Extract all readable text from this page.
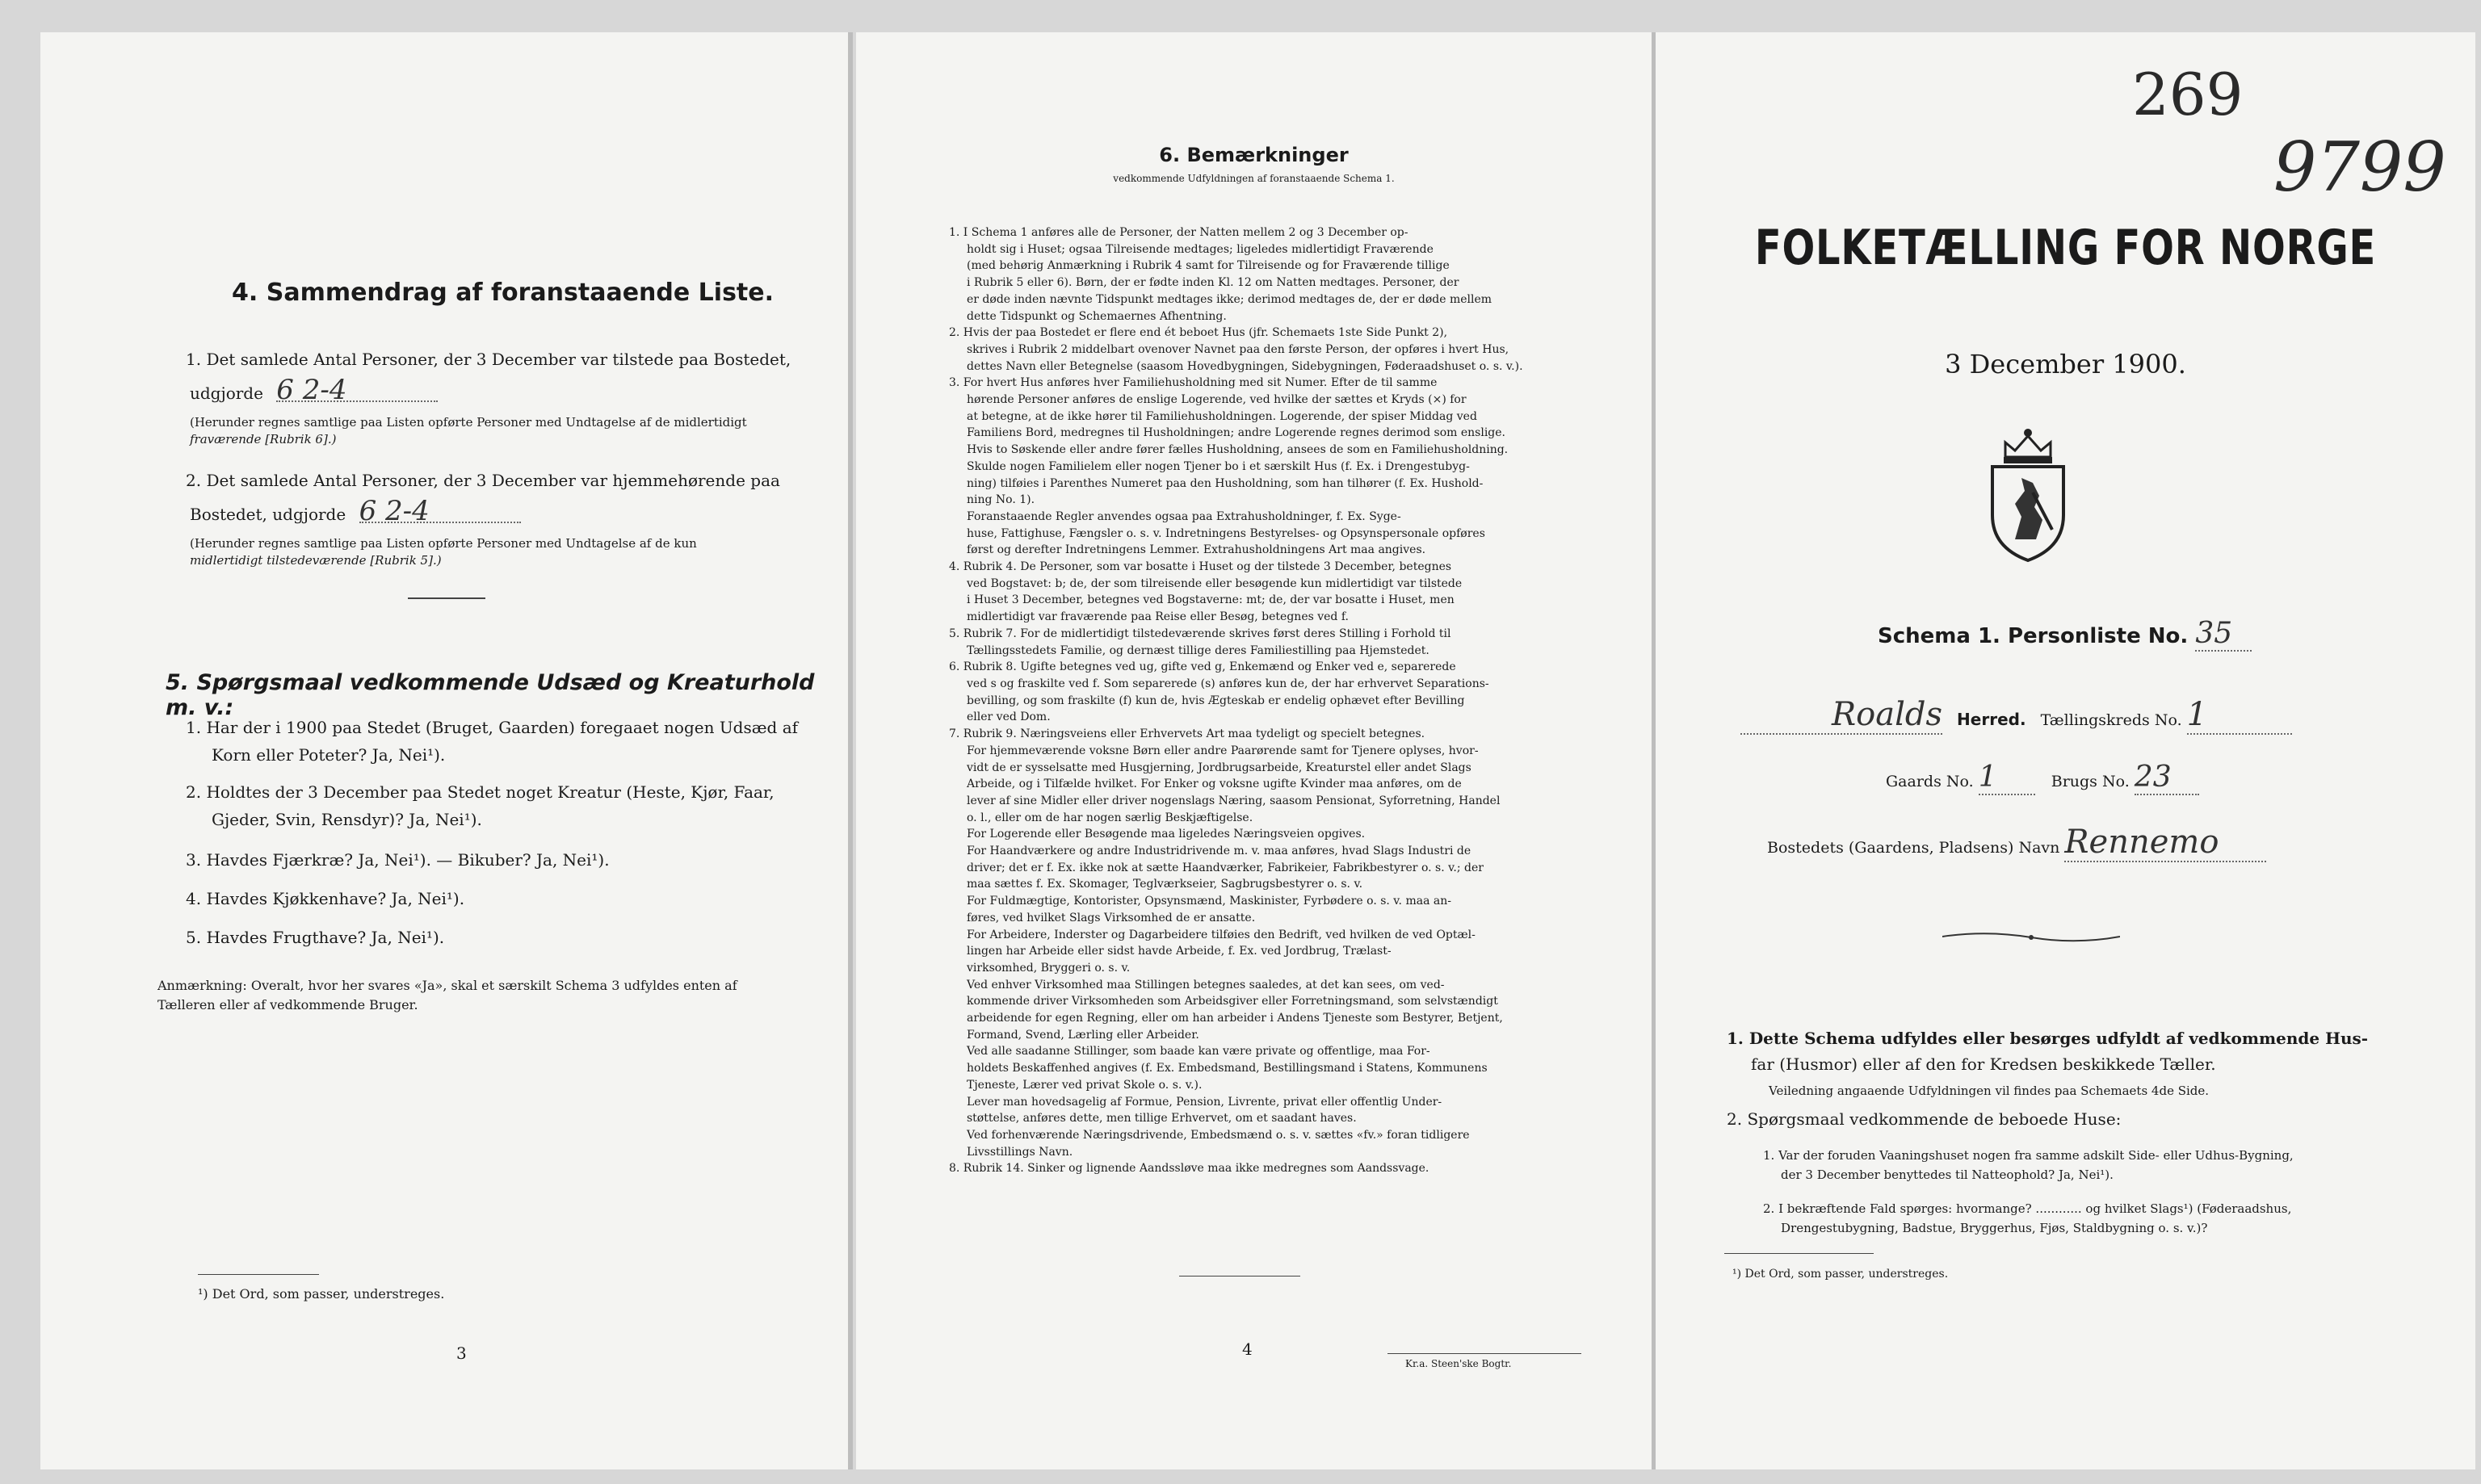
4. Sammendrag af foranstaaende Liste.
1. Det samlede Antal Personer, der 3 December var tilstede paa Bostedet,
udgjorde 6 2-4
(Herunder regnes samtlige paa Listen opførte Personer med Undtagelse af de midlertidigt
fraværende [Rubrik 6].)
2. Det samlede Antal Personer, der 3 December var hjemmehørende paa
Bostedet, udgjorde 6 2-4
(Herunder regnes samtlige paa Listen opførte Personer med Undtagelse af de kun
midlertidigt tilstedeværende [Rubrik 5].)
5. Spørgsmaal vedkommende Udsæd og Kreaturhold m. v.:
1. Har der i 1900 paa Stedet (Bruget, Gaarden) foregaaet nogen Udsæd af
Korn eller Poteter? Ja, Nei¹).
2. Holdtes der 3 December paa Stedet noget Kreatur (Heste, Kjør, Faar,
Gjeder, Svin, Rensdyr)? Ja, Nei¹).
3. Havdes Fjærkræ? Ja, Nei¹). — Bikuber? Ja, Nei¹).
4. Havdes Kjøkkenhave? Ja, Nei¹).
5. Havdes Frugthave? Ja, Nei¹).
Anmærkning: Overalt, hvor her svares «Ja», skal et særskilt Schema 3 udfyldes enten af
Tælleren eller af vedkommende Bruger.
¹) Det Ord, som passer, understreges.
3
6. Bemærkninger
vedkommende Udfyldningen af foranstaaende Schema 1.
1. I Schema 1 anføres alle de Personer, der Natten mellem 2 og 3 December op-
holdt sig i Huset; ogsaa Tilreisende medtages; ligeledes midlertidigt Fraværende
(med behørig Anmærkning i Rubrik 4 samt for Tilreisende og for Fraværende tillige
i Rubrik 5 eller 6). Børn, der er fødte inden Kl. 12 om Natten medtages. Personer, der
er døde inden nævnte Tidspunkt medtages ikke; derimod medtages de, der er døde mellem
dette Tidspunkt og Schemaernes Afhentning.
2. Hvis der paa Bostedet er flere end ét beboet Hus (jfr. Schemaets 1ste Side Punkt 2),
skrives i Rubrik 2 middelbart ovenover Navnet paa den første Person, der opføres i hvert Hus,
dettes Navn eller Betegnelse (saasom Hovedbygningen, Sidebygningen, Føderaadshuset o. s. v.).
3. For hvert Hus anføres hver Familiehusholdning med sit Numer. Efter de til samme
hørende Personer anføres de enslige Logerende, ved hvilke der sættes et Kryds (×) for
at betegne, at de ikke hører til Familiehusholdningen. Logerende, der spiser Middag ved
Familiens Bord, medregnes til Husholdningen; andre Logerende regnes derimod som enslige.
Hvis to Søskende eller andre fører fælles Husholdning, ansees de som en Familiehusholdning.
Skulde nogen Familielem eller nogen Tjener bo i et særskilt Hus (f. Ex. i Drengestubyg-
ning) tilføies i Parenthes Numeret paa den Husholdning, som han tilhører (f. Ex. Hushold-
ning No. 1).
Foranstaaende Regler anvendes ogsaa paa Extrahusholdninger, f. Ex. Syge-
huse, Fattighuse, Fængsler o. s. v. Indretningens Bestyrelses- og Opsynspersonale opføres
først og derefter Indretningens Lemmer. Extrahusholdningens Art maa angives.
4. Rubrik 4. De Personer, som var bosatte i Huset og der tilstede 3 December, betegnes
ved Bogstavet: b; de, der som tilreisende eller besøgende kun midlertidigt var tilstede
i Huset 3 December, betegnes ved Bogstaverne: mt; de, der var bosatte i Huset, men
midlertidigt var fraværende paa Reise eller Besøg, betegnes ved f.
5. Rubrik 7. For de midlertidigt tilstedeværende skrives først deres Stilling i Forhold til
Tællingsstedets Familie, og dernæst tillige deres Familiestilling paa Hjemstedet.
6. Rubrik 8. Ugifte betegnes ved ug, gifte ved g, Enkemænd og Enker ved e, separerede
ved s og fraskilte ved f. Som separerede (s) anføres kun de, der har erhvervet Separations-
bevilling, og som fraskilte (f) kun de, hvis Ægteskab er endelig ophævet efter Bevilling
eller ved Dom.
7. Rubrik 9. Næringsveiens eller Erhvervets Art maa tydeligt og specielt betegnes.
For hjemmeværende voksne Børn eller andre Paarørende samt for Tjenere oplyses, hvor-
vidt de er sysselsatte med Husgjerning, Jordbrugsarbeide, Kreaturstel eller andet Slags
Arbeide, og i Tilfælde hvilket. For Enker og voksne ugifte Kvinder maa anføres, om de
lever af sine Midler eller driver nogenslags Næring, saasom Pensionat, Syforretning, Handel
o. l., eller om de har nogen særlig Beskjæftigelse.
For Logerende eller Besøgende maa ligeledes Næringsveien opgives.
For Haandværkere og andre Industridrivende m. v. maa anføres, hvad Slags Industri de
driver; det er f. Ex. ikke nok at sætte Haandværker, Fabrikeier, Fabrikbestyrer o. s. v.; der
maa sættes f. Ex. Skomager, Teglværkseier, Sagbrugsbestyrer o. s. v.
For Fuldmægtige, Kontorister, Opsynsmænd, Maskinister, Fyrbødere o. s. v. maa an-
føres, ved hvilket Slags Virksomhed de er ansatte.
For Arbeidere, Inderster og Dagarbeidere tilføies den Bedrift, ved hvilken de ved Optæl-
lingen har Arbeide eller sidst havde Arbeide, f. Ex. ved Jordbrug, Trælast-
virksomhed, Bryggeri o. s. v.
Ved enhver Virksomhed maa Stillingen betegnes saaledes, at det kan sees, om ved-
kommende driver Virksomheden som Arbeidsgiver eller Forretningsmand, som selvstændigt
arbeidende for egen Regning, eller om han arbeider i Andens Tjeneste som Bestyrer, Betjent,
Formand, Svend, Lærling eller Arbeider.
Ved alle saadanne Stillinger, som baade kan være private og offentlige, maa For-
holdets Beskaffenhed angives (f. Ex. Embedsmand, Bestillingsmand i Statens, Kommunens
Tjeneste, Lærer ved privat Skole o. s. v.).
Lever man hovedsagelig af Formue, Pension, Livrente, privat eller offentlig Under-
støttelse, anføres dette, men tillige Erhvervet, om et saadant haves.
Ved forhenværende Næringsdrivende, Embedsmænd o. s. v. sættes «fv.» foran tidligere
Livsstillings Navn.
8. Rubrik 14. Sinker og lignende Aandssløve maa ikke medregnes som Aandssvage.
4
Kr.a. Steen'ske Bogtr.
269
9799
FOLKETÆLLING FOR NORGE
3 December 1900.
Schema 1. Personliste No. 35
Roalds Herred. Tællingskreds No. 1
Gaards No. 1	Brugs No. 23
Bostedets (Gaardens, Pladsens) Navn Rennemo
1. Dette Schema udfyldes eller besørges udfyldt af vedkommende Hus-
far (Husmor) eller af den for Kredsen beskikkede Tæller.
Veiledning angaaende Udfyldningen vil findes paa Schemaets 4de Side.
2. Spørgsmaal vedkommende de beboede Huse:
1. Var der foruden Vaaningshuset nogen fra samme adskilt Side- eller Udhus-Bygning,
der 3 December benyttedes til Natteophold? Ja, Nei¹).
2. I bekræftende Fald spørges: hvormange? ............ og hvilket Slags¹) (Føderaadshus,
Drengestubygning, Badstue, Bryggerhus, Fjøs, Staldbygning o. s. v.)?
¹) Det Ord, som passer, understreges.
